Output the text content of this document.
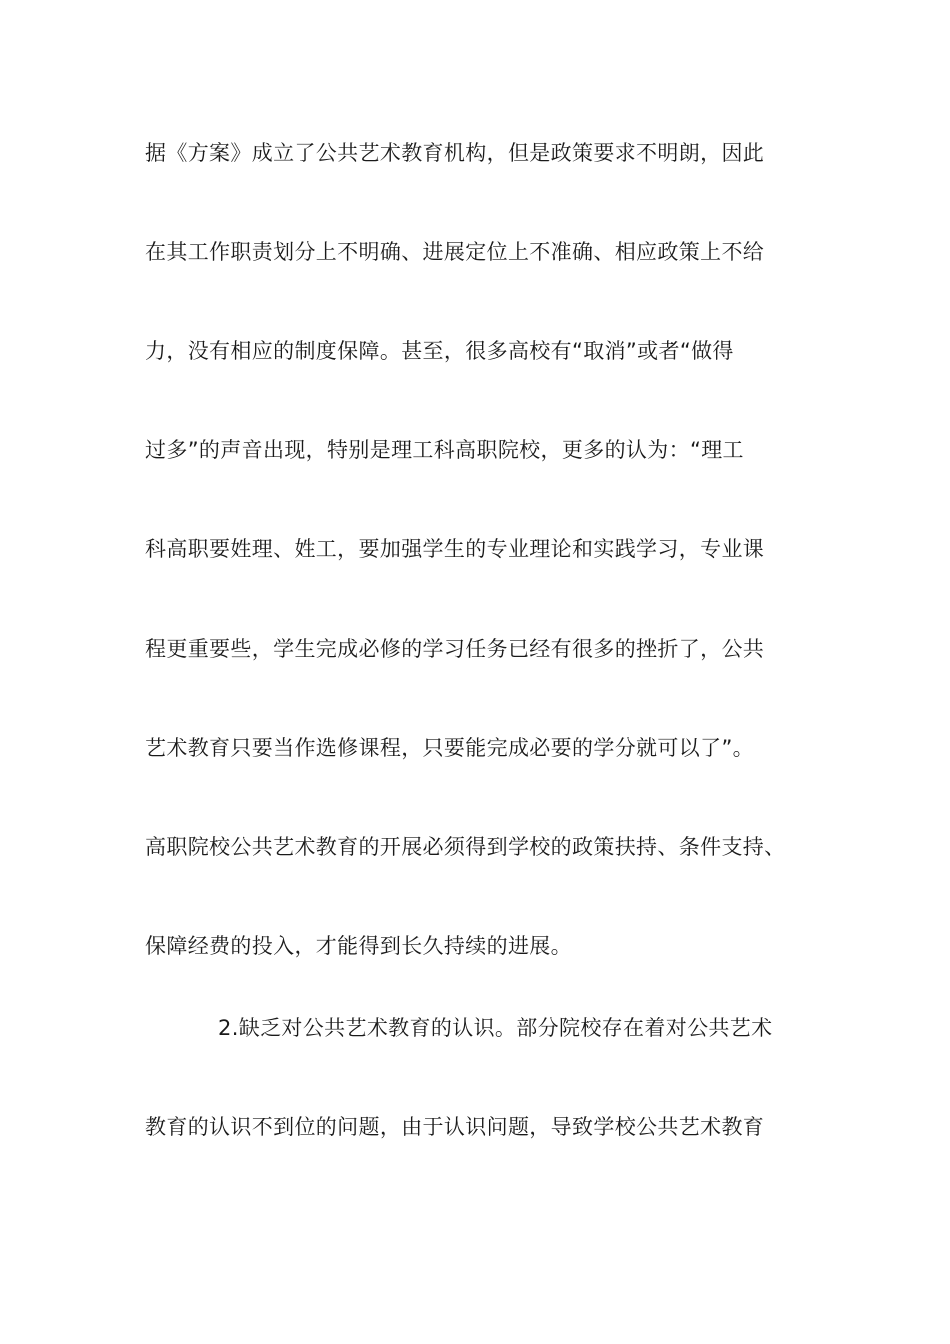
据《方案》成立了公共艺术教育机构，但是政策要求不明朗，因此
在其工作职责划分上不明确、进展定位上不准确、相应政策上不给
力，没有相应的制度保障。甚至，很多高校有“取消”或者“做得
过多”的声音出现，特别是理工科高职院校，更多的认为：“理工
科高职要姓理、姓工，要加强学生的专业理论和实践学习，专业课
程更重要些，学生完成必修的学习任务已经有很多的挫折了，公共
艺术教育只要当作选修课程，只要能完成必要的学分就可以了”。
高职院校公共艺术教育的开展必须得到学校的政策扶持、条件支持、
保障经费的投入，才能得到长久持续的进展。
2.缺乏对公共艺术教育的认识。部分院校存在着对公共艺术
教育的认识不到位的问题，由于认识问题，导致学校公共艺术教育
